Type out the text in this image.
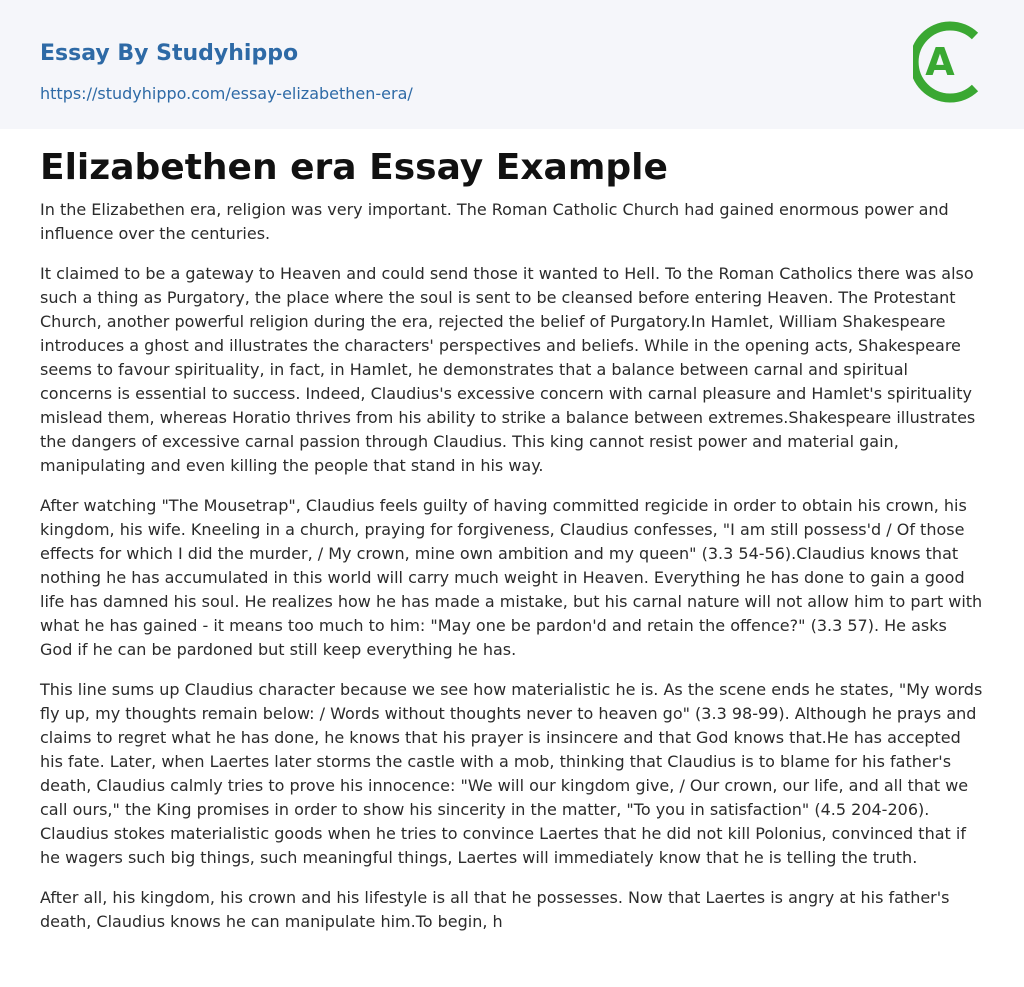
Essay By Studyhippo
https://studyhippo.com/essay-elizabethen-era/
A
Elizabethen era Essay Example

In the Elizabethen era, religion was very important. The Roman Catholic Church had gained enormous power and influence over the centuries.

It claimed to be a gateway to Heaven and could send those it wanted to Hell. To the Roman Catholics there was also such a thing as Purgatory, the place where the soul is sent to be cleansed before entering Heaven. The Protestant Church, another powerful religion during the era, rejected the belief of Purgatory.In Hamlet, William Shakespeare introduces a ghost and illustrates the characters' perspectives and beliefs. While in the opening acts, Shakespeare seems to favour spirituality, in fact, in Hamlet, he demonstrates that a balance between carnal and spiritual concerns is essential to success. Indeed, Claudius's excessive concern with carnal pleasure and Hamlet's spirituality mislead them, whereas Horatio thrives from his ability to strike a balance between extremes.Shakespeare illustrates the dangers of excessive carnal passion through Claudius. This king cannot resist power and material gain, manipulating and even killing the people that stand in his way.

After watching "The Mousetrap", Claudius feels guilty of having committed regicide in order to obtain his crown, his kingdom, his wife. Kneeling in a church, praying for forgiveness, Claudius confesses, "I am still possess'd / Of those effects for which I did the murder, / My crown, mine own ambition and my queen" (3.3 54-56).Claudius knows that nothing he has accumulated in this world will carry much weight in Heaven. Everything he has done to gain a good life has damned his soul. He realizes how he has made a mistake, but his carnal nature will not allow him to part with what he has gained - it means too much to him: "May one be pardon'd and retain the offence?" (3.3 57). He asks God if he can be pardoned but still keep everything he has.

This line sums up Claudius character because we see how materialistic he is. As the scene ends he states, "My words fly up, my thoughts remain below: / Words without thoughts never to heaven go" (3.3 98-99). Although he prays and claims to regret what he has done, he knows that his prayer is insincere and that God knows that.He has accepted his fate. Later, when Laertes later storms the castle with a mob, thinking that Claudius is to blame for his father's death, Claudius calmly tries to prove his innocence: "We will our kingdom give, / Our crown, our life, and all that we call ours," the King promises in order to show his sincerity in the matter, "To you in satisfaction" (4.5 204-206). Claudius stokes materialistic goods when he tries to convince Laertes that he did not kill Polonius, convinced that if he wagers such big things, such meaningful things, Laertes will immediately know that he is telling the truth.

After all, his kingdom, his crown and his lifestyle is all that he possesses. Now that Laertes is angry at his father's death, Claudius knows he can manipulate him.To begin, h
